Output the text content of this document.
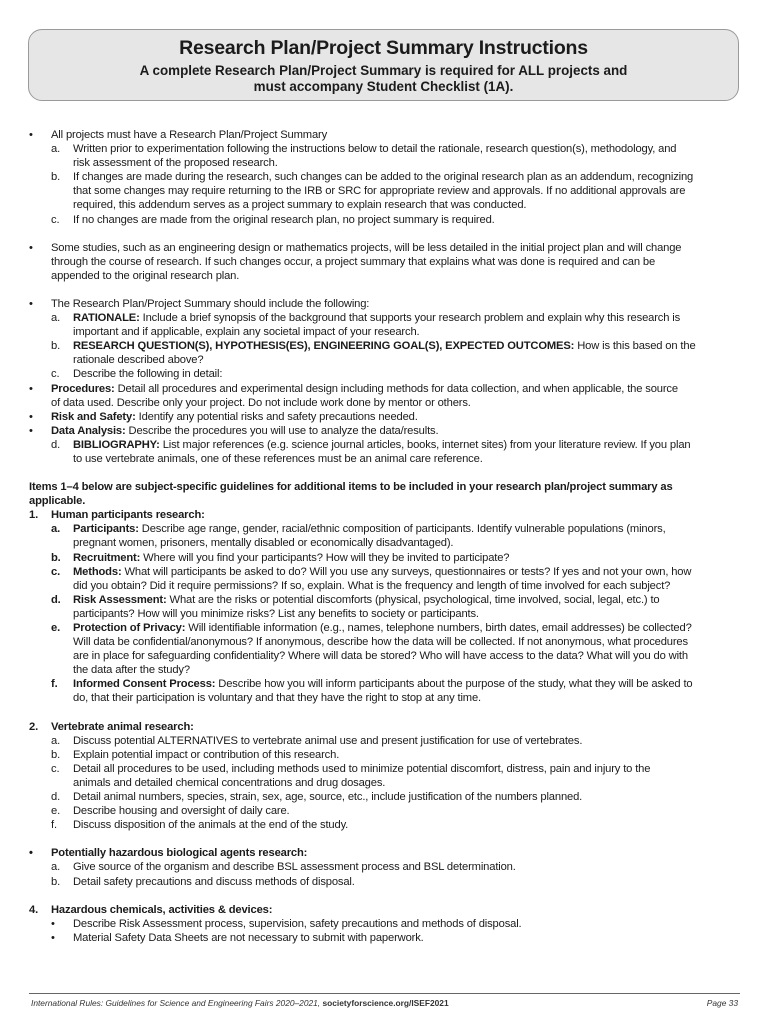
Research Plan/Project Summary Instructions
A complete Research Plan/Project Summary is required for ALL projects and
must accompany Student Checklist (1A).
• All projects must have a Research Plan/Project Summary
a. Written prior to experimentation following the instructions below to detail the rationale, research question(s), methodology, and
risk assessment of the proposed research.
b. If changes are made during the research, such changes can be added to the original research plan as an addendum, recognizing
that some changes may require returning to the IRB or SRC for appropriate review and approvals. If no additional approvals are
required, this addendum serves as a project summary to explain research that was conducted.
c. If no changes are made from the original research plan, no project summary is required.
• Some studies, such as an engineering design or mathematics projects, will be less detailed in the initial project plan and will change
through the course of research. If such changes occur, a project summary that explains what was done is required and can be
appended to the original research plan.
• The Research Plan/Project Summary should include the following:
a. RATIONALE: Include a brief synopsis of the background that supports your research problem and explain why this research is
important and if applicable, explain any societal impact of your research.
b. RESEARCH QUESTION(S), HYPOTHESIS(ES), ENGINEERING GOAL(S), EXPECTED OUTCOMES: How is this based on the
rationale described above?
c. Describe the following in detail:
• Procedures: Detail all procedures and experimental design including methods for data collection, and when applicable, the source
of data used. Describe only your project. Do not include work done by mentor or others.
• Risk and Safety: Identify any potential risks and safety precautions needed.
• Data Analysis: Describe the procedures you will use to analyze the data/results.
d. BIBLIOGRAPHY: List major references (e.g. science journal articles, books, internet sites) from your literature review. If you plan
to use vertebrate animals, one of these references must be an animal care reference.
Items 1–4 below are subject-specific guidelines for additional items to be included in your research plan/project summary as
applicable.
1. Human participants research:
a. Participants: Describe age range, gender, racial/ethnic composition of participants. Identify vulnerable populations (minors,
pregnant women, prisoners, mentally disabled or economically disadvantaged).
b. Recruitment: Where will you find your participants? How will they be invited to participate?
c. Methods: What will participants be asked to do? Will you use any surveys, questionnaires or tests? If yes and not your own, how
did you obtain? Did it require permissions? If so, explain. What is the frequency and length of time involved for each subject?
d. Risk Assessment: What are the risks or potential discomforts (physical, psychological, time involved, social, legal, etc.) to
participants? How will you minimize risks? List any benefits to society or participants.
e. Protection of Privacy: Will identifiable information (e.g., names, telephone numbers, birth dates, email addresses) be collected?
Will data be confidential/anonymous? If anonymous, describe how the data will be collected. If not anonymous, what procedures
are in place for safeguarding confidentiality? Where will data be stored? Who will have access to the data? What will you do with
the data after the study?
f. Informed Consent Process: Describe how you will inform participants about the purpose of the study, what they will be asked to
do, that their participation is voluntary and that they have the right to stop at any time.
2. Vertebrate animal research:
a. Discuss potential ALTERNATIVES to vertebrate animal use and present justification for use of vertebrates.
b. Explain potential impact or contribution of this research.
c. Detail all procedures to be used, including methods used to minimize potential discomfort, distress, pain and injury to the
animals and detailed chemical concentrations and drug dosages.
d. Detail animal numbers, species, strain, sex, age, source, etc., include justification of the numbers planned.
e. Describe housing and oversight of daily care.
f. Discuss disposition of the animals at the end of the study.
• Potentially hazardous biological agents research:
a. Give source of the organism and describe BSL assessment process and BSL determination.
b. Detail safety precautions and discuss methods of disposal.
4. Hazardous chemicals, activities & devices:
• Describe Risk Assessment process, supervision, safety precautions and methods of disposal.
• Material Safety Data Sheets are not necessary to submit with paperwork.
International Rules: Guidelines for Science and Engineering Fairs 2020–2021, societyforscience.org/ISEF2021	Page 33
